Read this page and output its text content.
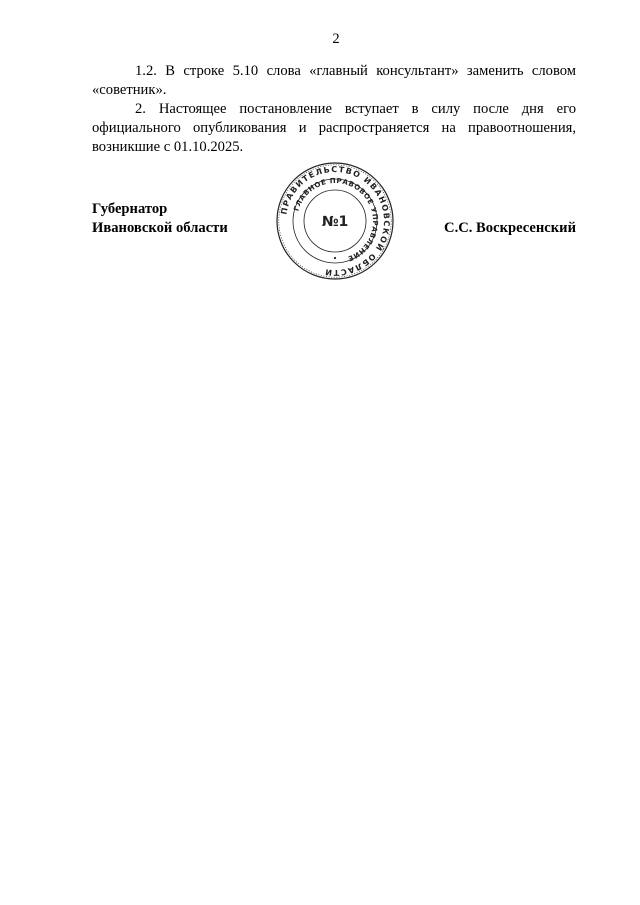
2

1.2. В строке 5.10 слова «главный консультант» заменить словом «советник».

2. Настоящее постановление вступает в силу после дня его официального опубликования и распространяется на правоотношения, возникшие с 01.10.2025.

Губернатор
Ивановской области
ПРАВИТЕЛЬСТВО ИВАНОВСКОЙ ОБЛАСТИ
ГЛАВНОЕ ПРАВОВОЕ УПРАВЛЕНИЕ
№1	С.С. Воскресенский
